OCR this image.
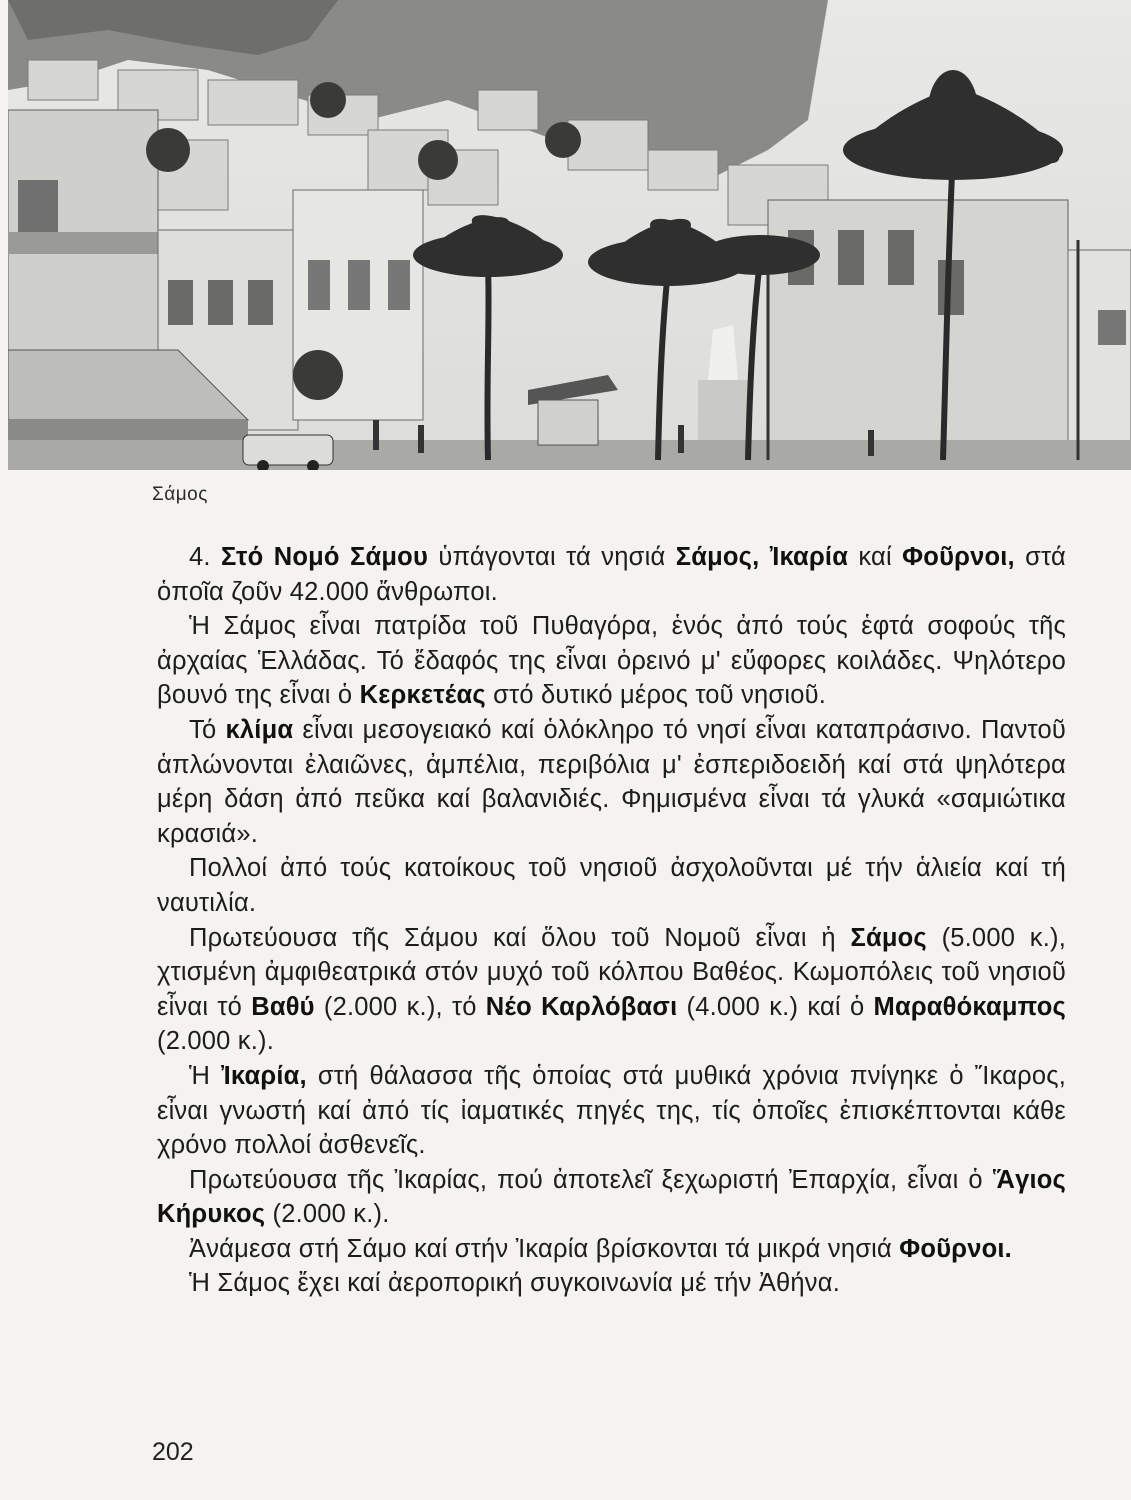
Σάμος

4. Στό Νομό Σάμου ὑπάγονται τά νησιά Σάμος, Ἰκαρία καί Φοῦρνοι, στά ὁποῖα ζοῦν 42.000 ἄνθρωποι.

Ἡ Σάμος εἶναι πατρίδα τοῦ Πυθαγόρα, ἑνός ἀπό τούς ἑφτά σοφούς τῆς ἀρχαίας Ἑλλάδας. Τό ἔδαφός της εἶναι ὀρεινό μ' εὔφορες κοιλάδες. Ψηλότερο βουνό της εἶναι ὁ Κερκετέας στό δυτικό μέρος τοῦ νησιοῦ.

Τό κλίμα εἶναι μεσογειακό καί ὁλόκληρο τό νησί εἶναι καταπράσινο. Παντοῦ ἁπλώνονται ἐλαιῶνες, ἀμπέλια, περιβόλια μ' ἐσπεριδοειδή καί στά ψηλότερα μέρη δάση ἀπό πεῦκα καί βαλανιδιές. Φημισμένα εἶναι τά γλυκά «σαμιώτικα κρασιά».

Πολλοί ἀπό τούς κατοίκους τοῦ νησιοῦ ἀσχολοῦνται μέ τήν ἁλιεία καί τή ναυτιλία.

Πρωτεύουσα τῆς Σάμου καί ὅλου τοῦ Νομοῦ εἶναι ἡ Σάμος (5.000 κ.), χτισμένη ἀμφιθεατρικά στόν μυχό τοῦ κόλπου Βαθέος. Κωμοπόλεις τοῦ νησιοῦ εἶναι τό Βαθύ (2.000 κ.), τό Νέο Καρλόβασι (4.000 κ.) καί ὁ Μαραθόκαμπος (2.000 κ.).

Ἡ Ἰκαρία, στή θάλασσα τῆς ὁποίας στά μυθικά χρόνια πνίγηκε ὁ Ἴκαρος, εἶναι γνωστή καί ἀπό τίς ἰαματικές πηγές της, τίς ὁποῖες ἐπισκέπτονται κάθε χρόνο πολλοί ἀσθενεῖς.

Πρωτεύουσα τῆς Ἰκαρίας, πού ἀποτελεῖ ξεχωριστή Ἐπαρχία, εἶναι ὁ Ἅγιος Κήρυκος (2.000 κ.).

Ἀνάμεσα στή Σάμο καί στήν Ἰκαρία βρίσκονται τά μικρά νησιά Φοῦρνοι.

Ἡ Σάμος ἔχει καί ἀεροπορική συγκοινωνία μέ τήν Ἀθήνα.

202
